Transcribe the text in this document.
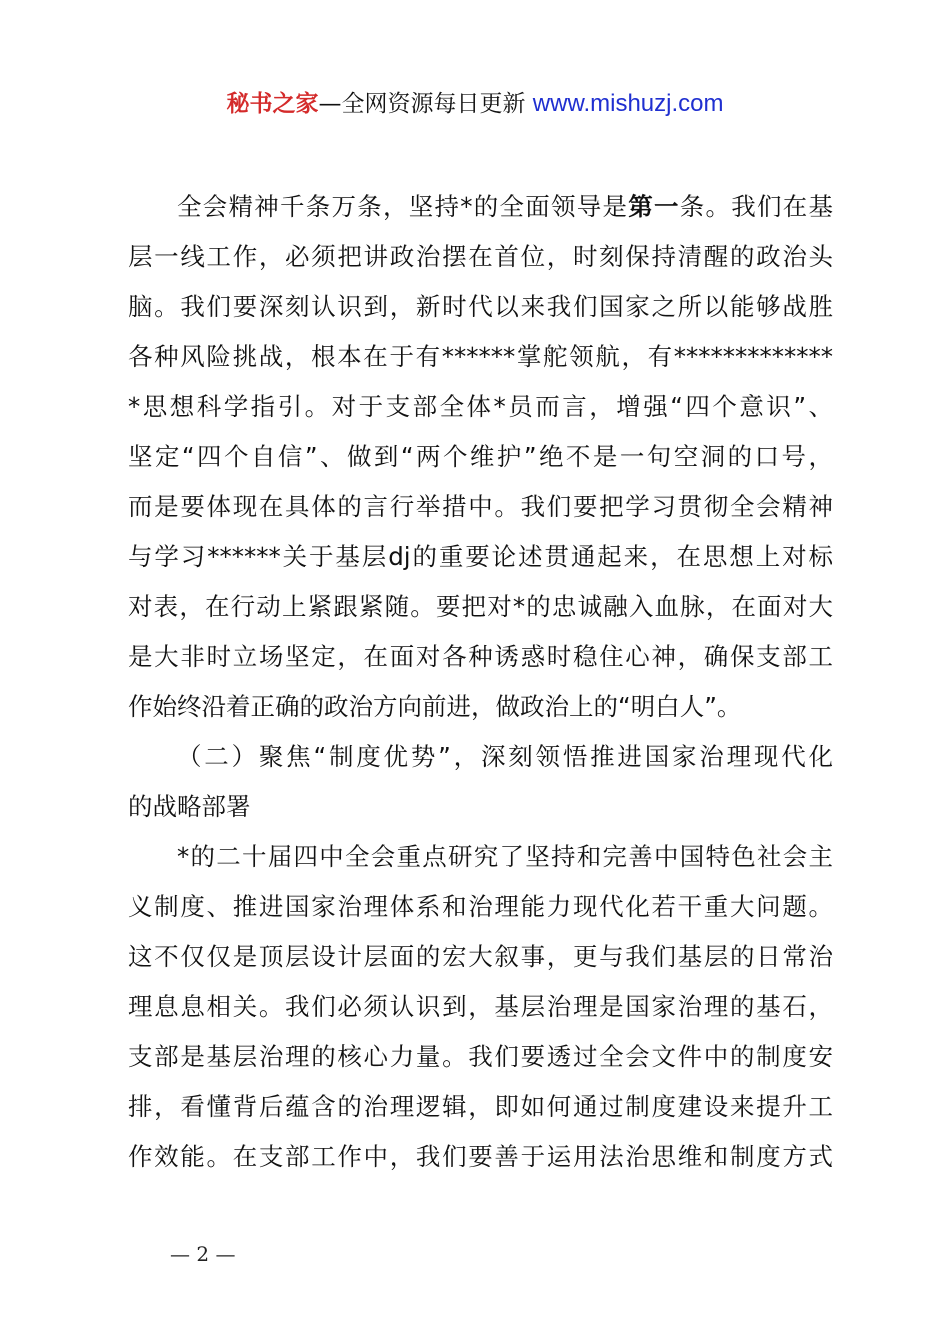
秘书之家—全网资源每日更新 www.mishuzj.com
全会精神千条万条，坚持*的全面领导是第一条。我们在基
层一线工作，必须把讲政治摆在首位，时刻保持清醒的政治头
脑。我们要深刻认识到，新时代以来我们国家之所以能够战胜
各种风险挑战，根本在于有******掌舵领航，有*************
*思想科学指引。对于支部全体*员而言，增强“四个意识”、
坚定“四个自信”、做到“两个维护”绝不是一句空洞的口号，
而是要体现在具体的言行举措中。我们要把学习贯彻全会精神
与学习******关于基层dj的重要论述贯通起来，在思想上对标
对表，在行动上紧跟紧随。要把对*的忠诚融入血脉，在面对大
是大非时立场坚定，在面对各种诱惑时稳住心神，确保支部工
作始终沿着正确的政治方向前进，做政治上的“明白人”。
（二）聚焦“制度优势”，深刻领悟推进国家治理现代化
的战略部署
*的二十届四中全会重点研究了坚持和完善中国特色社会主
义制度、推进国家治理体系和治理能力现代化若干重大问题。
这不仅仅是顶层设计层面的宏大叙事，更与我们基层的日常治
理息息相关。我们必须认识到，基层治理是国家治理的基石，
支部是基层治理的核心力量。我们要透过全会文件中的制度安
排，看懂背后蕴含的治理逻辑，即如何通过制度建设来提升工
作效能。在支部工作中，我们要善于运用法治思维和制度方式
— 2 —
